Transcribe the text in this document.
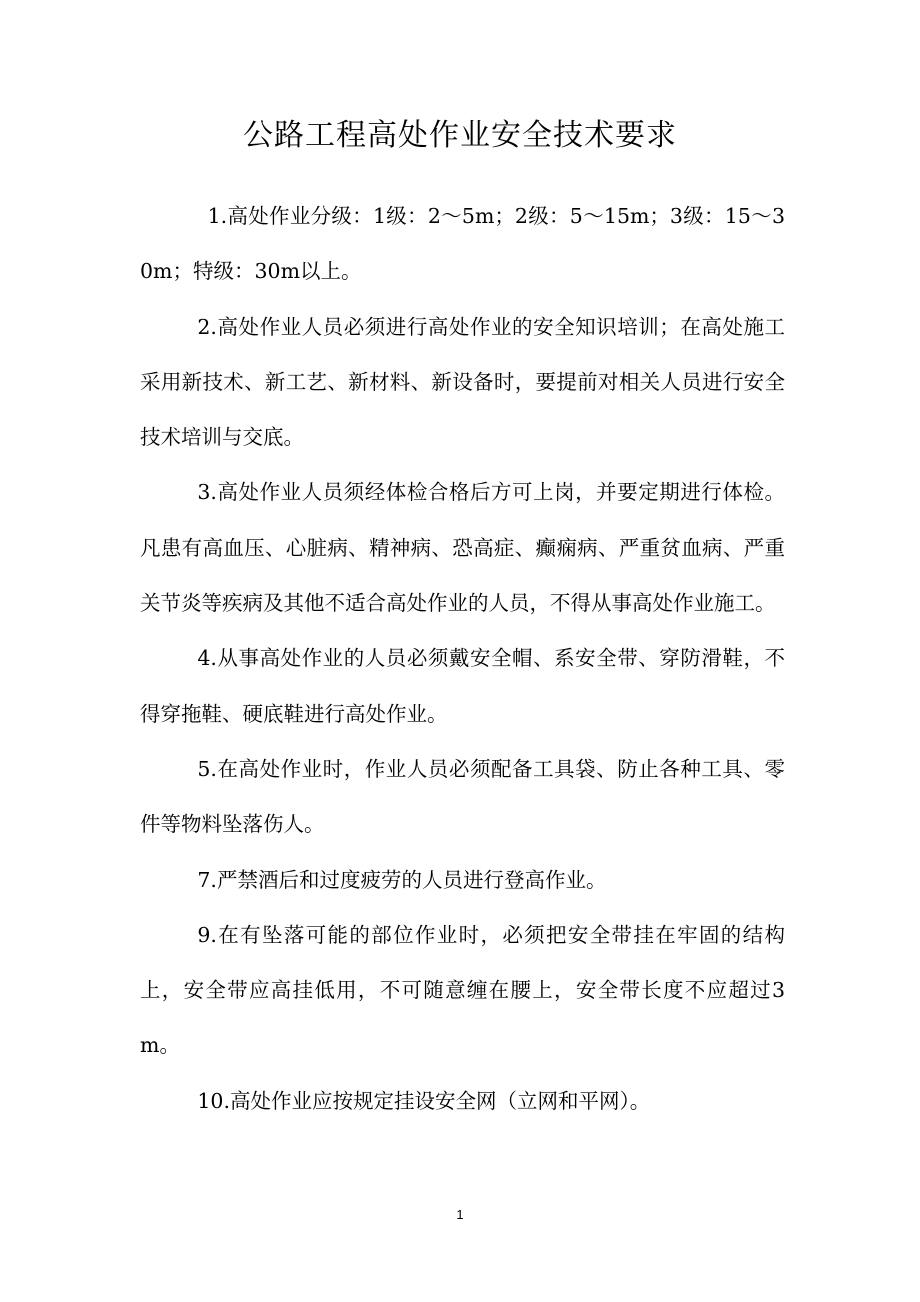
公路工程高处作业安全技术要求

1.高处作业分级：1级：2～5m；2级：5～15m；3级：15～30m；特级：30m以上。

2.高处作业人员必须进行高处作业的安全知识培训；在高处施工采用新技术、新工艺、新材料、新设备时，要提前对相关人员进行安全技术培训与交底。

3.高处作业人员须经体检合格后方可上岗，并要定期进行体检。凡患有高血压、心脏病、精神病、恐高症、癫痫病、严重贫血病、严重关节炎等疾病及其他不适合高处作业的人员，不得从事高处作业施工。

4.从事高处作业的人员必须戴安全帽、系安全带、穿防滑鞋，不得穿拖鞋、硬底鞋进行高处作业。

5.在高处作业时，作业人员必须配备工具袋、防止各种工具、零件等物料坠落伤人。

7.严禁酒后和过度疲劳的人员进行登高作业。

9.在有坠落可能的部位作业时，必须把安全带挂在牢固的结构上，安全带应高挂低用，不可随意缠在腰上，安全带长度不应超过3m。

10.高处作业应按规定挂设安全网（立网和平网）。

1
